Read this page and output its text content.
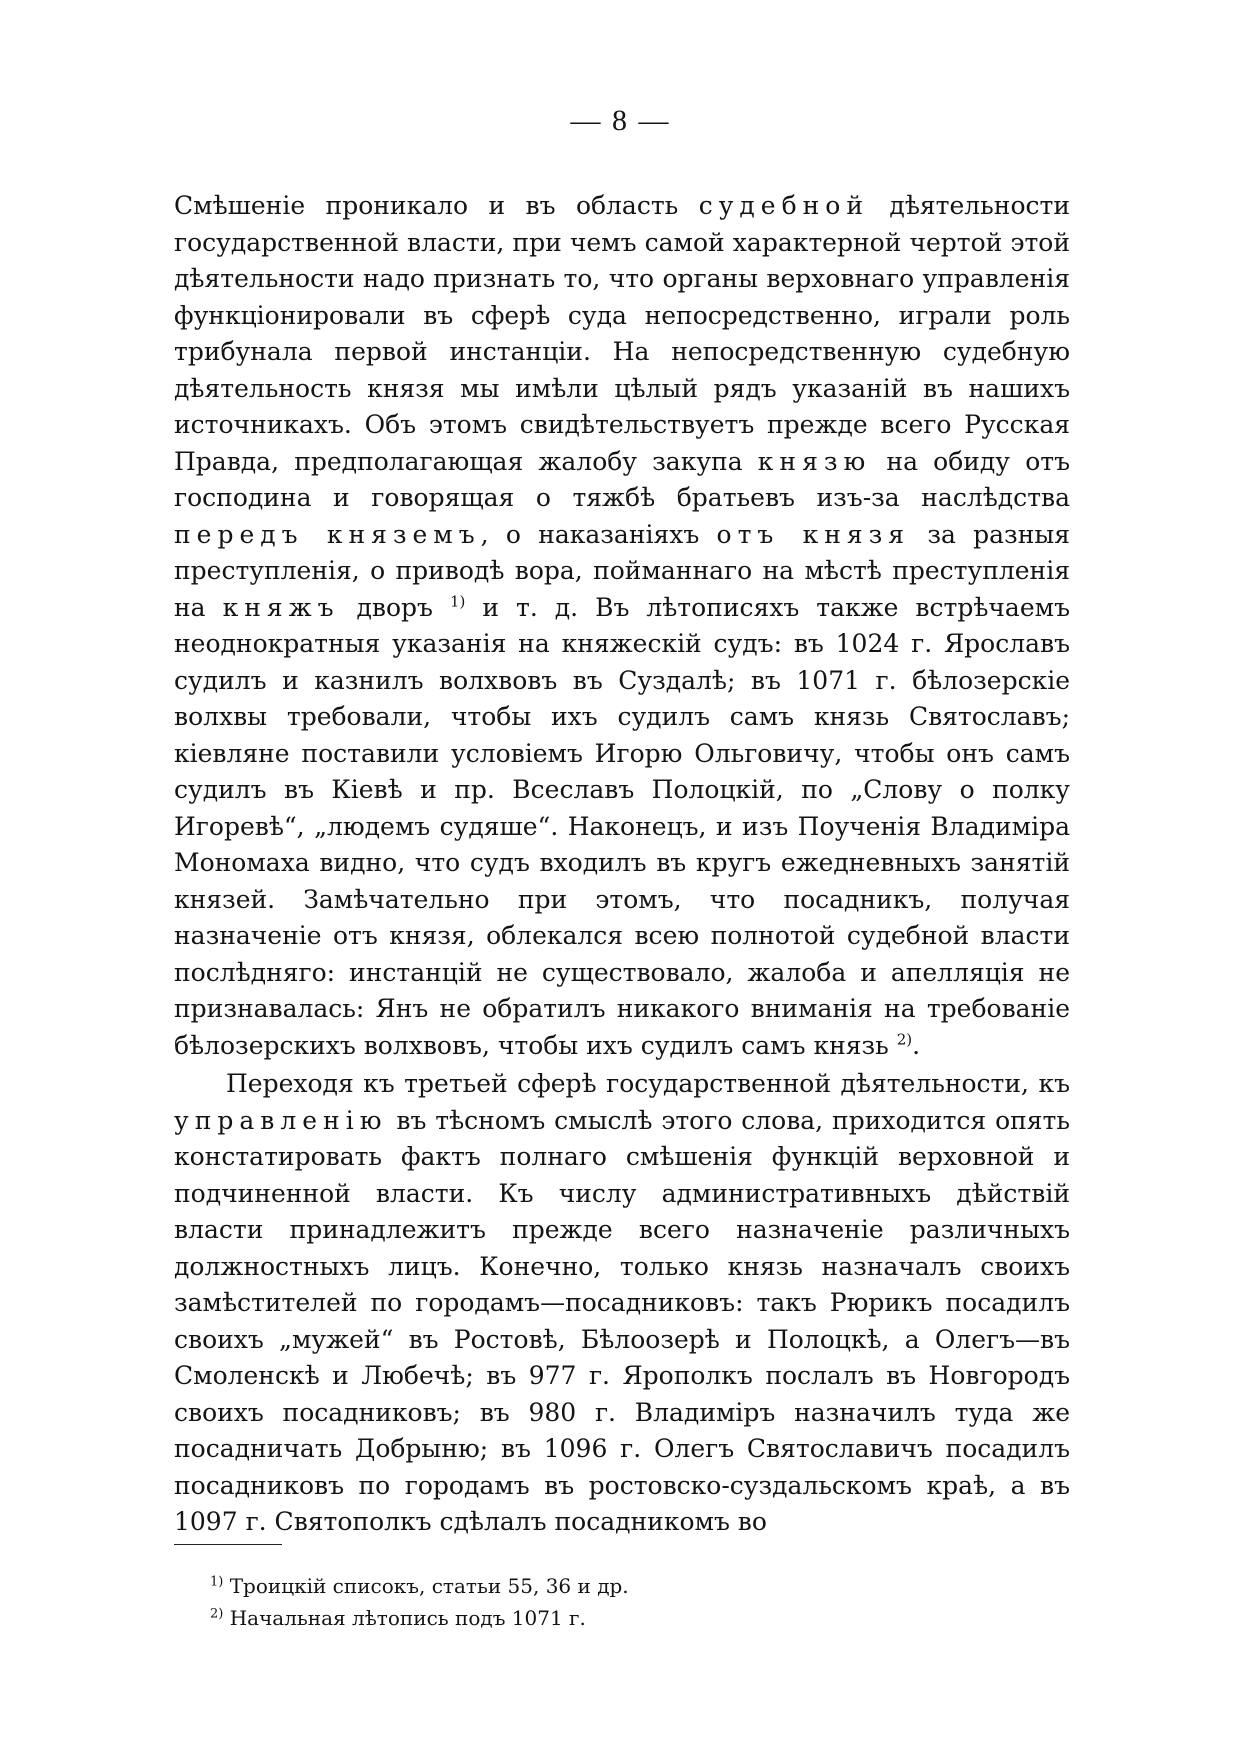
— 8 —

Смѣшеніе проникало и въ область судебной дѣятельности государственной власти, при чемъ самой характерной чертой этой дѣятельности надо признать то, что органы верховнаго управленія функціонировали въ сферѣ суда непосредственно, играли роль трибунала первой инстанціи. На непосредственную судебную дѣятельность князя мы имѣли цѣлый рядъ указаній въ нашихъ источникахъ. Объ этомъ свидѣтельствуетъ прежде всего Русская Правда, предполагающая жалобу закупа князю на обиду отъ господина и говорящая о тяжбѣ братьевъ изъ-за наслѣдства передъ княземъ, о наказаніяхъ отъ князя за разныя преступленія, о приводѣ вора, пойманнаго на мѣстѣ преступленія на княжъ дворъ $^{1)}$ и т. д. Въ лѣтописяхъ также встрѣчаемъ неоднократныя указанія на княжескій судъ: въ 1024 г. Ярославъ судилъ и казнилъ волхвовъ въ Суздалѣ; въ 1071 г. бѣлозерскіе волхвы требовали, чтобы ихъ судилъ самъ князь Святославъ; кіевляне поставили условіемъ Игорю Ольговичу, чтобы онъ самъ судилъ въ Кіевѣ и пр. Всеславъ Полоцкій, по „Слову о полку Игоревѣ“, „людемъ судяше“. Наконецъ, и изъ Поученія Владиміра Мономаха видно, что судъ входилъ въ кругъ ежедневныхъ занятій князей. Замѣчательно при этомъ, что посадникъ, получая назначеніе отъ князя, облекался всею полнотой судебной власти послѣдняго: инстанцій не существовало, жалоба и апелляція не признавалась: Янъ не обратилъ никакого вниманія на требованіе бѣлозерскихъ волхвовъ, чтобы ихъ судилъ самъ князь $^{2)}$.

Переходя къ третьей сферѣ государственной дѣятельности, къ управленію въ тѣсномъ смыслѣ этого слова, приходится опять констатировать фактъ полнаго смѣшенія функцій верховной и подчиненной власти. Къ числу административныхъ дѣйствій власти принадлежитъ прежде всего назначеніе различныхъ должностныхъ лицъ. Конечно, только князь назначалъ своихъ замѣстителей по городамъ—посадниковъ: такъ Рюрикъ посадилъ своихъ „мужей“ въ Ростовѣ, Бѣлоозерѣ и Полоцкѣ, а Олегъ—въ Смоленскѣ и Любечѣ; въ 977 г. Ярополкъ послалъ въ Новгородъ своихъ посадниковъ; въ 980 г. Владиміръ назначилъ туда же посадничать Добрыню; въ 1096 г. Олегъ Святославичъ посадилъ посадниковъ по городамъ въ ростовско-суздальскомъ краѣ, а въ 1097 г. Святополкъ сдѣлалъ посадникомъ во

$^{1)}$ Троицкій списокъ, статьи 55, 36 и др.
$^{2)}$ Начальная лѣтопись подъ 1071 г.
